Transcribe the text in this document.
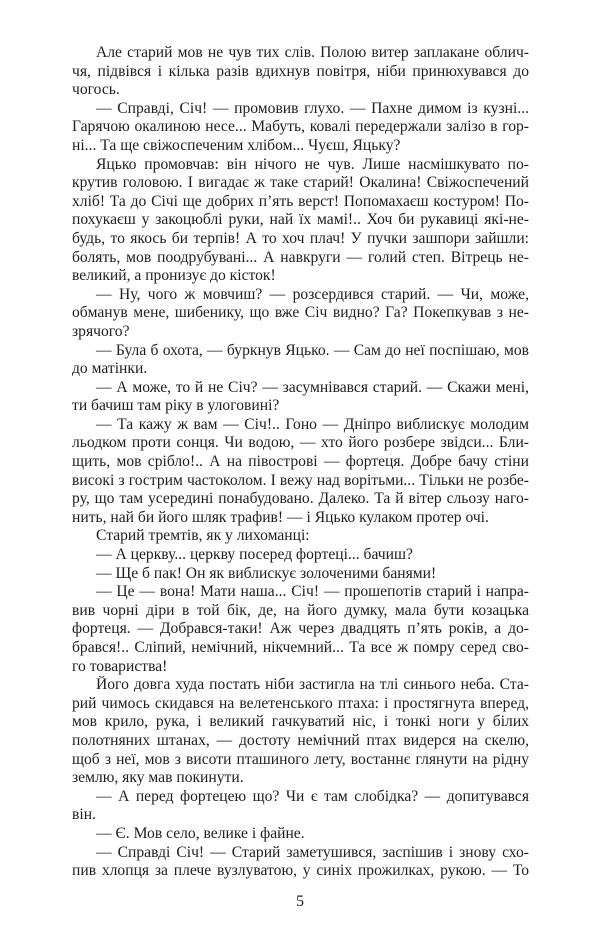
Але старий мов не чув тих слів. Полою витер заплакане облич-
чя, підвівся і кілька разів вдихнув повітря, ніби принюхувався до
чогось.
— Справді, Січ! — промовив глухо. — Пахне димом із кузні...
Гарячою окалиною несе... Мабуть, ковалі передержали залізо в гор-
ні... Та ще свіжоспеченим хлібом... Чуєш, Яцьку?
Яцько промовчав: він нічого не чув. Лише насмішкувато по-
крутив головою. І вигадає ж таке старий! Окалина! Свіжоспечений
хліб! Та до Січі ще добрих п’ять верст! Попомахаєш костуром! По-
похукаєш у закоцюблі руки, най їх мамі!.. Хоч би рукавиці які-не-
будь, то якось би терпів! А то хоч плач! У пучки зашпори зайшли:
болять, мов поодрубувані... А навкруги — голий степ. Вітрець не-
великий, а пронизує до кісток!
— Ну, чого ж мовчиш? — розсердився старий. — Чи, може,
обманув мене, шибенику, що вже Січ видно? Га? Покепкував з не-
зрячого?
— Була б охота, — буркнув Яцько. — Сам до неї поспішаю, мов
до матінки.
— А може, то й не Січ? — засумнівався старий. — Скажи мені,
ти бачиш там ріку в улоговині?
— Та кажу ж вам — Січ!.. Гоно — Дніпро виблискує молодим
льодком проти сонця. Чи водою, — хто його розбере звідси... Бли-
щить, мов срібло!.. А на півострові — фортеця. Добре бачу стіни
високі з гострим частоколом. І вежу над ворітьми... Тільки не розбе-
ру, що там усередині понабудовано. Далеко. Та й вітер сльозу наго-
нить, най би його шляк трафив! — і Яцько кулаком протер очі.
Старий тремтів, як у лихоманці:
— А церкву... церкву посеред фортеці... бачиш?
— Ще б пак! Он як виблискує золоченими банями!
— Це — вона! Мати наша... Січ! — прошепотів старий і напра-
вив чорні діри в той бік, де, на його думку, мала бути козацька
фортеця. — Добрався-таки! Аж через двадцять п’ять років, а до-
брався!.. Сліпий, немічний, нікчемний... Та все ж помру серед сво-
го товариства!
Його довга худа постать ніби застигла на тлі синього неба. Ста-
рий чимось скидався на велетенського птаха: і простягнута вперед,
мов крило, рука, і великий гачкуватий ніс, і тонкі ноги у білих
полотняних штанах, — достоту немічний птах видерся на скелю,
щоб з неї, мов з висоти пташиного лету, востаннє глянути на рідну
землю, яку мав покинути.
— А перед фортецею що? Чи є там слобідка? — допитувався
він.
— Є. Мов село, велике і файне.
— Справді Січ! — Старий заметушився, заспішив і знову схо-
пив хлопця за плече вузлуватою, у синіх прожилках, рукою. — То
5
